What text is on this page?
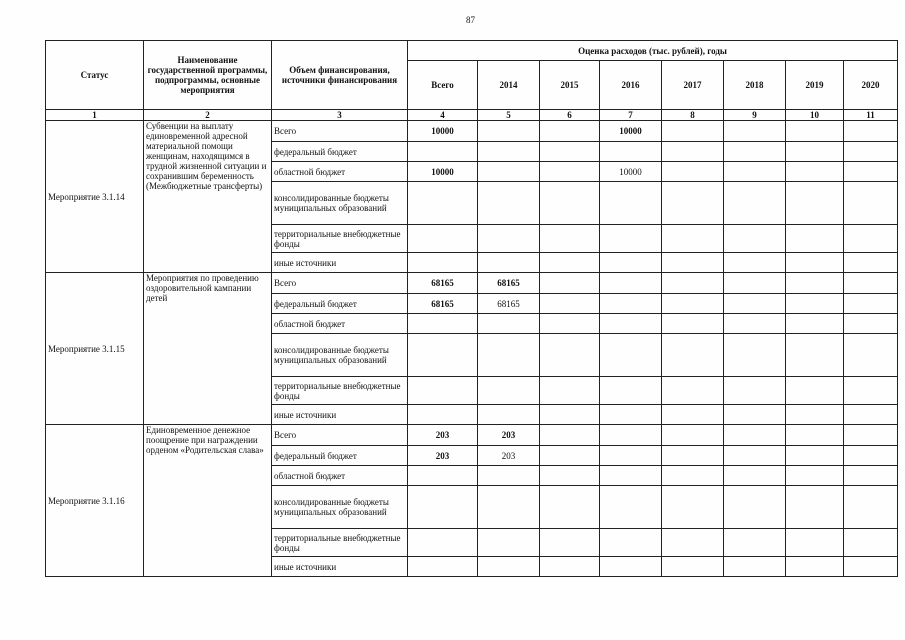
87
Статус	Наименование государственной программы, подпрограммы, основные мероприятия	Объем финансирования, источники финансирования	Оценка расходов (тыс. рублей), годы							
			Всего	2014	2015	2016	2017	2018	2019	2020
1	2	3	4	5	6	7	8	9	10	11
Мероприятие 3.1.14	Субвенции на выплату единовременной адресной материальной помощи женщинам, находящимся в трудной жизненной ситуации и сохранившим беременность (Межбюджетные трансферты)	Всего	10000			10000				
		федеральный бюджет								
		областной бюджет	10000			10000				
		консолидированные бюджеты муниципальных образований								
		территориальные внебюджетные фонды								
		иные источники								
Мероприятие 3.1.15	Мероприятия по проведению оздоровительной кампании детей	Всего	68165	68165						
		федеральный бюджет	68165	68165						
		областной бюджет								
		консолидированные бюджеты муниципальных образований								
		территориальные внебюджетные фонды								
		иные источники								
Мероприятие 3.1.16	Единовременное денежное поощрение при награждении орденом «Родительская слава»	Всего	203	203						
		федеральный бюджет	203	203						
		областной бюджет								
		консолидированные бюджеты муниципальных образований								
		территориальные внебюджетные фонды								
		иные источники								
